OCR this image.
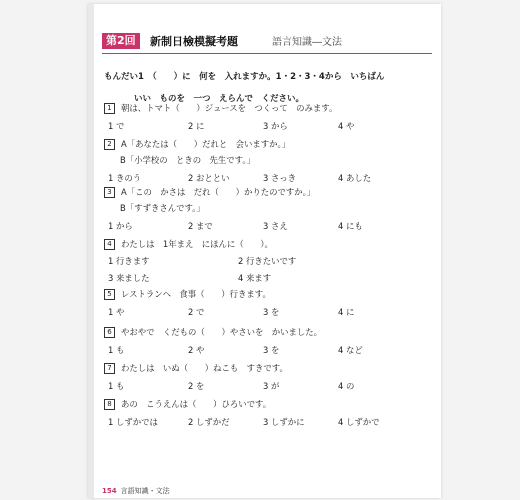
第2回	新制日檢模擬考題	語言知識―文法
もんだい1　（　　）に　何を　入れますか。1・2・3・4から　いちばん
いい　ものを　一つ　えらんで　ください。
1	朝は、トマト（　　）ジュースを　つくって　のみます。
1 で	2 に	3 から	4 や
2	A「あなたは（　　）だれと　会いますか。」
B「小学校の　ときの　先生です。」
1 きのう	2 おととい	3 さっき	4 あした
3	A「この　かさは　だれ（　　）かりたのですか。」
B「すずきさんです。」
1 から	2 まで	3 さえ	4 にも
4	わたしは　1年まえ　にほんに（　　）。
1 行きます	2 行きたいです
3 来ました	4 来ます
5	レストランへ　食事（　　）行きます。
1 や	2 で	3 を	4 に
6	やおやで　くだもの（　　）やさいを　かいました。
1 も	2 や	3 を	4 など
7	わたしは　いぬ（　　）ねこも　すきです。
1 も	2 を	3 が	4 の
8	あの　こうえんは（　　）ひろいです。
1 しずかでは	2 しずかだ	3 しずかに	4 しずかで
154 言語知識・文法
